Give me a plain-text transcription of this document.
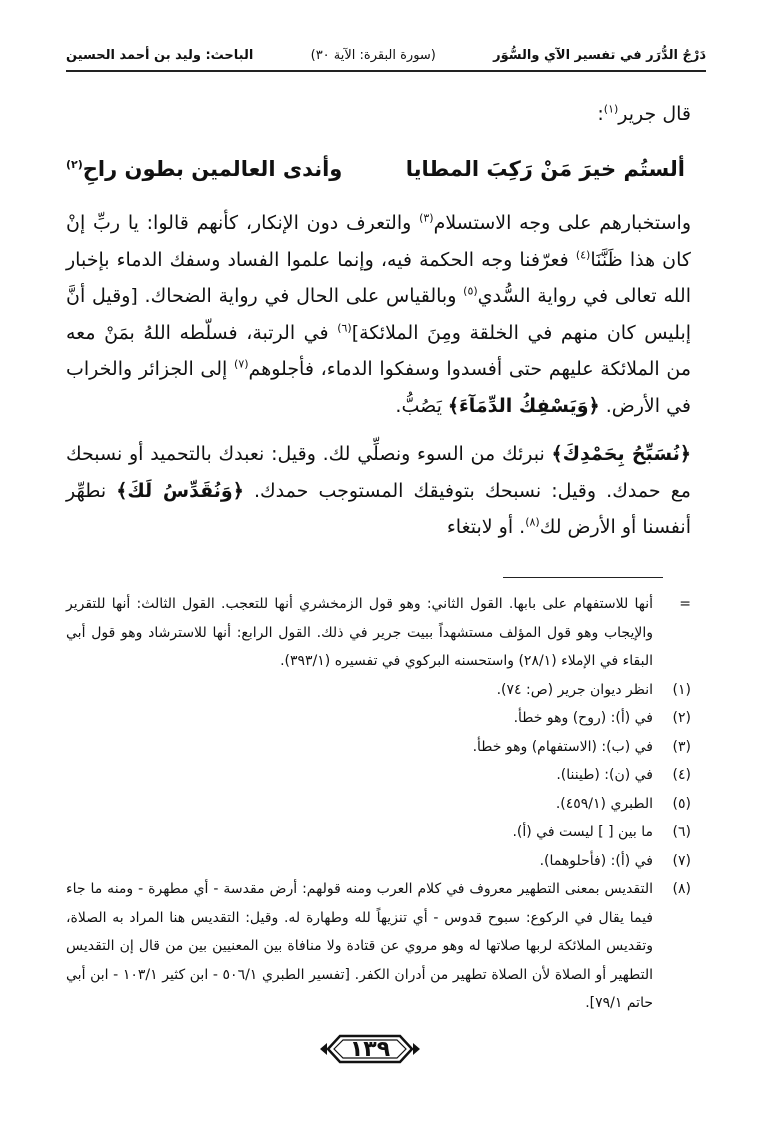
دَرْجُ الدُّرَر في تفسير الآي والسُّوَر
(سورة البقرة: الآية ٣٠)
الباحث: وليد بن أحمد الحسين

قال جرير$^{(١)}$:

ألستُم خيرَ مَنْ رَكِبَ المطايا
وأندى العالمين بطون راحِ$^{(٢)}$

واستخبارهم على وجه الاستسلام$^{(٣)}$ والتعرف دون الإنكار، كأنهم قالوا: يا ربِّ إنْ كان هذا ظَنَّنَا$^{(٤)}$ فعرّفنا وجه الحكمة فيه، وإنما علموا الفساد وسفك الدماء بإخبار الله تعالى في رواية السُّدي$^{(٥)}$ وبالقياس على الحال في رواية الضحاك. [وقيل أنَّ إبليس كان منهم في الخلقة ومِنَ الملائكة]$^{(٦)}$ في الرتبة، فسلّطه اللهُ بمَنْ معه من الملائكة عليهم حتى أفسدوا وسفكوا الدماء، فأجلوهم$^{(٧)}$ إلى الجزائر والخراب في الأرض. ﴿وَيَسْفِكُ الدِّمَآءَ﴾ يَصُبُّ.

﴿نُسَبِّحُ بِحَمْدِكَ﴾ نبرئك من السوء ونصلِّي لك. وقيل: نعبدك بالتحميد أو نسبحك مع حمدك. وقيل: نسبحك بتوفيقك المستوجب حمدك. ﴿وَنُقَدِّسُ لَكَ﴾ نطهِّر أنفسنا أو الأرض لك$^{(٨)}$. أو لابتغاء

=
أنها للاستفهام على بابها. القول الثاني: وهو قول الزمخشري أنها للتعجب. القول الثالث: أنها للتقرير والإيجاب وهو قول المؤلف مستشهداً ببيت جرير في ذلك. القول الرابع: أنها للاسترشاد وهو قول أبي البقاء في الإملاء (٢٨/١) واستحسنه البركوي في تفسيره (٣٩٣/١).
(١)
انظر ديوان جرير (ص: ٧٤).
(٢)
في (أ): (روح) وهو خطأ.
(٣)
في (ب): (الاستفهام) وهو خطأ.
(٤)
في (ن): (طيننا).
(٥)
الطبري (٤٥٩/١).
(٦)
ما بين [ ] ليست في (أ).
(٧)
في (أ): (فأحلوهما).
(٨)
التقديس بمعنى التطهير معروف في كلام العرب ومنه قولهم: أرض مقدسة - أي مطهرة - ومنه ما جاء فيما يقال في الركوع: سبوح قدوس - أي تنزيهاً لله وطهارة له. وقيل: التقديس هنا المراد به الصلاة، وتقديس الملائكة لربها صلاتها له وهو مروي عن قتادة ولا منافاة بين المعنيين بين من قال إن التقديس التطهير أو الصلاة لأن الصلاة تطهير من أدران الكفر. [تفسير الطبري ٥٠٦/١ - ابن كثير ١٠٣/١ - ابن أبي حاتم ٧٩/١].
١٣٩
